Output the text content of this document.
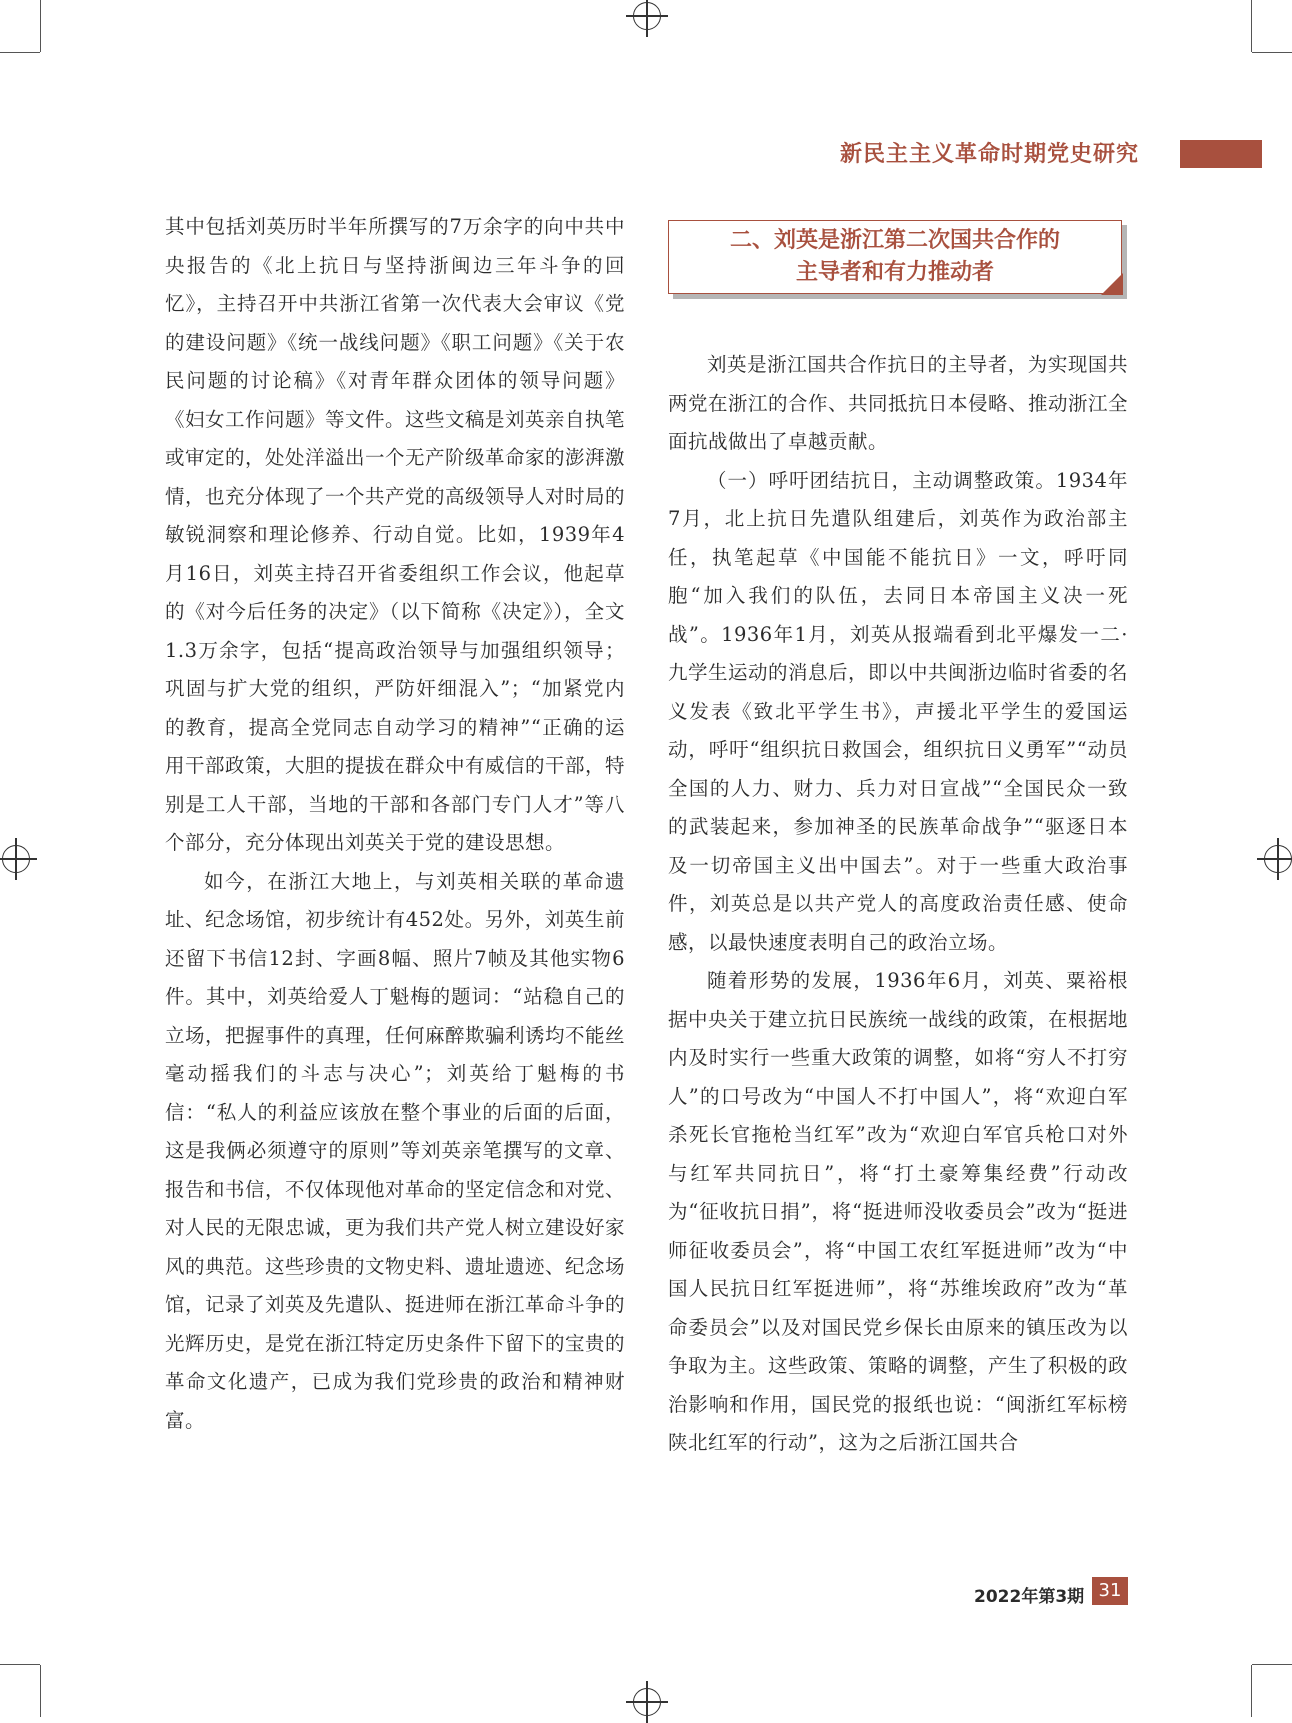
新民主主义革命时期党史研究

其中包括刘英历时半年所撰写的7万余字的向中共中央报告的《北上抗日与坚持浙闽边三年斗争的回忆》，主持召开中共浙江省第一次代表大会审议《党的建设问题》《统一战线问题》《职工问题》《关于农民问题的讨论稿》《对青年群众团体的领导问题》《妇女工作问题》等文件。这些文稿是刘英亲自执笔或审定的，处处洋溢出一个无产阶级革命家的澎湃激情，也充分体现了一个共产党的高级领导人对时局的敏锐洞察和理论修养、行动自觉。比如，1939年4月16日，刘英主持召开省委组织工作会议，他起草的《对今后任务的决定》（以下简称《决定》），全文1.3万余字，包括“提高政治领导与加强组织领导；巩固与扩大党的组织，严防奸细混入”；“加紧党内的教育，提高全党同志自动学习的精神”“正确的运用干部政策，大胆的提拔在群众中有威信的干部，特别是工人干部，当地的干部和各部门专门人才”等八个部分，充分体现出刘英关于党的建设思想。

如今，在浙江大地上，与刘英相关联的革命遗址、纪念场馆，初步统计有452处。另外，刘英生前还留下书信12封、字画8幅、照片7帧及其他实物6件。其中，刘英给爱人丁魁梅的题词：“站稳自己的立场，把握事件的真理，任何麻醉欺骗利诱均不能丝毫动摇我们的斗志与决心”；刘英给丁魁梅的书信：“私人的利益应该放在整个事业的后面的后面，这是我俩必须遵守的原则”等刘英亲笔撰写的文章、报告和书信，不仅体现他对革命的坚定信念和对党、对人民的无限忠诚，更为我们共产党人树立建设好家风的典范。这些珍贵的文物史料、遗址遗迹、纪念场馆，记录了刘英及先遣队、挺进师在浙江革命斗争的光辉历史，是党在浙江特定历史条件下留下的宝贵的革命文化遗产，已成为我们党珍贵的政治和精神财富。

二、刘英是浙江第二次国共合作的
主导者和有力推动者

刘英是浙江国共合作抗日的主导者，为实现国共两党在浙江的合作、共同抵抗日本侵略、推动浙江全面抗战做出了卓越贡献。

（一）呼吁团结抗日，主动调整政策。1934年7月，北上抗日先遣队组建后，刘英作为政治部主任，执笔起草《中国能不能抗日》一文，呼吁同胞“加入我们的队伍，去同日本帝国主义决一死战”。1936年1月，刘英从报端看到北平爆发一二·九学生运动的消息后，即以中共闽浙边临时省委的名义发表《致北平学生书》，声援北平学生的爱国运动，呼吁“组织抗日救国会，组织抗日义勇军”“动员全国的人力、财力、兵力对日宣战”“全国民众一致的武装起来，参加神圣的民族革命战争”“驱逐日本及一切帝国主义出中国去”。对于一些重大政治事件，刘英总是以共产党人的高度政治责任感、使命感，以最快速度表明自己的政治立场。

随着形势的发展，1936年6月，刘英、粟裕根据中央关于建立抗日民族统一战线的政策，在根据地内及时实行一些重大政策的调整，如将“穷人不打穷人”的口号改为“中国人不打中国人”，将“欢迎白军杀死长官拖枪当红军”改为“欢迎白军官兵枪口对外与红军共同抗日”，将“打土豪筹集经费”行动改为“征收抗日捐”，将“挺进师没收委员会”改为“挺进师征收委员会”，将“中国工农红军挺进师”改为“中国人民抗日红军挺进师”，将“苏维埃政府”改为“革命委员会”以及对国民党乡保长由原来的镇压改为以争取为主。这些政策、策略的调整，产生了积极的政治影响和作用，国民党的报纸也说：“闽浙红军标榜陕北红军的行动”，这为之后浙江国共合

2022年第3期 31
